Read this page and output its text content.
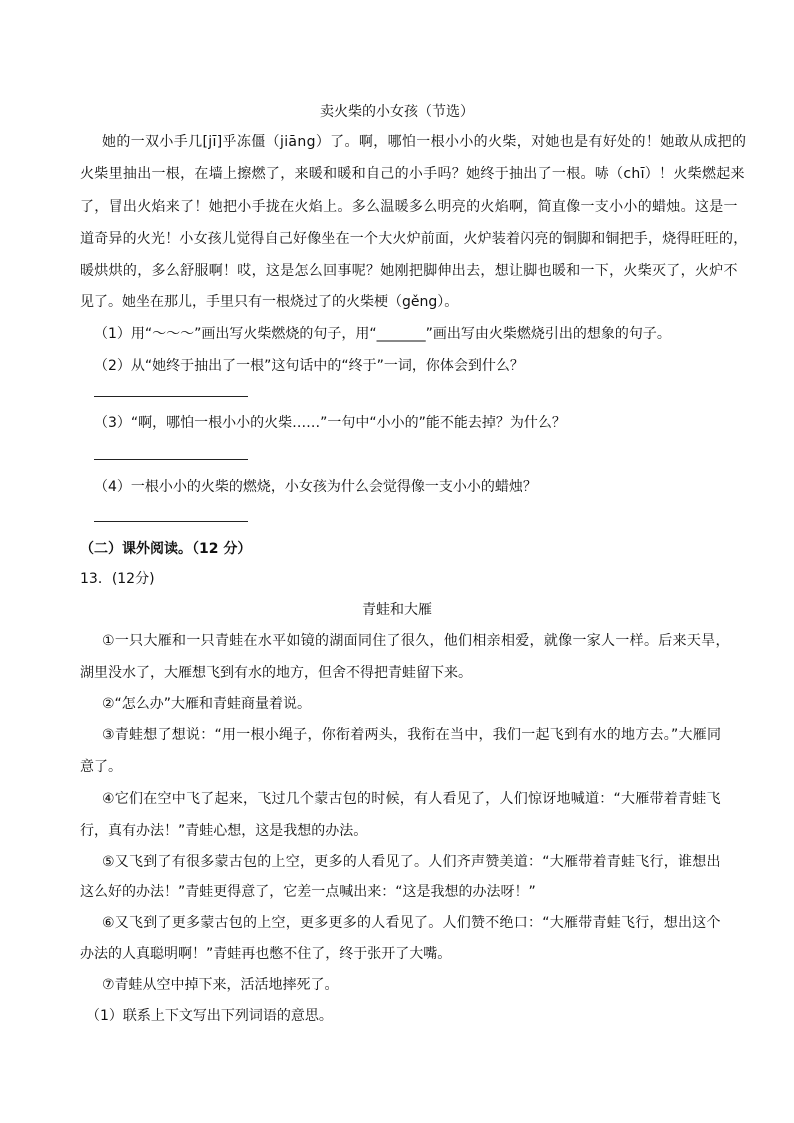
卖火柴的小女孩（节选）
她的一双小手几[jī]乎冻僵（jiāng）了。啊，哪怕一根小小的火柴，对她也是有好处的！她敢从成把的
火柴里抽出一根，在墙上擦燃了，来暖和暖和自己的小手吗？她终于抽出了一根。哧（chī）！火柴燃起来
了，冒出火焰来了！她把小手拢在火焰上。多么温暖多么明亮的火焰啊，简直像一支小小的蜡烛。这是一
道奇异的火光！小女孩儿觉得自己好像坐在一个大火炉前面，火炉装着闪亮的铜脚和铜把手，烧得旺旺的，
暖烘烘的，多么舒服啊！哎，这是怎么回事呢？她刚把脚伸出去，想让脚也暖和一下，火柴灭了，火炉不
见了。她坐在那儿，手里只有一根烧过了的火柴梗（gěng）。
（1）用“～～～”画出写火柴燃烧的句子，用“_______”画出写由火柴燃烧引出的想象的句子。
（2）从“她终于抽出了一根”这句话中的“终于”一词，你体会到什么？
（3）“啊，哪怕一根小小的火柴……”一句中“小小的”能不能去掉？为什么？
（4）一根小小的火柴的燃烧，小女孩为什么会觉得像一支小小的蜡烛？
（二）课外阅读。（12 分）
13．(12分)
青蛙和大雁
①一只大雁和一只青蛙在水平如镜的湖面同住了很久，他们相亲相爱，就像一家人一样。后来天旱，
湖里没水了，大雁想飞到有水的地方，但舍不得把青蛙留下来。
②“怎么办”大雁和青蛙商量着说。
③青蛙想了想说：“用一根小绳子，你衔着两头，我衔在当中，我们一起飞到有水的地方去。”大雁同
意了。
④它们在空中飞了起来，飞过几个蒙古包的时候，有人看见了，人们惊讶地喊道：“大雁带着青蛙飞
行，真有办法！”青蛙心想，这是我想的办法。
⑤又飞到了有很多蒙古包的上空，更多的人看见了。人们齐声赞美道：“大雁带着青蛙飞行，谁想出
这么好的办法！”青蛙更得意了，它差一点喊出来：“这是我想的办法呀！”
⑥又飞到了更多蒙古包的上空，更多更多的人看见了。人们赞不绝口：“大雁带青蛙飞行，想出这个
办法的人真聪明啊！”青蛙再也憋不住了，终于张开了大嘴。
⑦青蛙从空中掉下来，活活地摔死了。
（1）联系上下文写出下列词语的意思。
